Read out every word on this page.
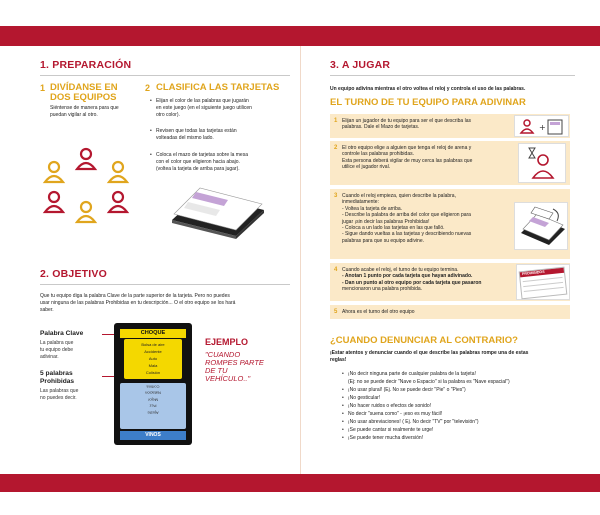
1. PREPARACIÓN
1 DIVÍDANSE EN
DOS EQUIPOS
Siéntense de manera para que
puedan vigilar al otro.
2 CLASIFICA LAS TARJETAS
• Elijan el color de las palabras que jugarán
en este juego (en el siguiente juego utilicen
otro color).
• Revisen que todas las tarjetas están
volteadas del mismo lado.
• Coloca el mazo de tarjetas sobre la mesa
con el color que eligieron hacia abajo.
(voltea la tarjeta de arriba para jugar).
2. OBJETIVO
Que tu equipo diga la palabra Clave de la parte superior de la tarjeta. Pero no puedes
usar ninguna de las palabras Prohibidas en tu descripción... O el otro equipo se los hará
saber.
Palabra Clave
La palabra que
tu equipo debe
adivinar.
5 palabras
Prohibidas
Las palabras que
no puedes decir.
CHOQUE
Bolsa de aire
Accidente
Auto
Mala
Colisión
Ajuste
Pez
Mejor
Natación
Cortina
VINOS
EJEMPLO
"CUANDO
ROMPES PARTE
DE TU
VEHÍCULO.."
3. A JUGAR
Un equipo adivina mientras el otro voltea el reloj y controla el uso de las palabras.
EL TURNO DE TU EQUIPO PARA ADIVINAR
1 Elijan un jugador de tu equipo para ser el que describa las
palabras. Dale el Mazo de tarjetas.	+
2 El otro equipo elige a alguien que tenga el reloj de arena y
controle las palabras prohibidas.
Esta persona deberá vigilar de muy cerca las palabras que
utilice el jugador rival.
3 Cuando el reloj empieza, quien describe la palabra,
inmediatamente:
- Voltea la tarjeta de arriba.
- Describe la palabra de arriba del color que eligieron para
jugar ¡sin decir las palabras Prohibidas!
- Coloca a un lado las tarjetas en las que falló.
- Sigue dando vueltas a las tarjetas y describiendo nuevas
palabras para que su equipo adivine.
4 Cuando acabe el reloj, el turno de tu equipo termina.
- Anotan 1 punto por cada tarjeta que hayan adivinado.
- Dan un punto al otro equipo por cada tarjeta que pasaron
mencionaron una palabra prohibida.
PROHIBIDOS
5 Ahora es el turno del otro equipo
¿CUANDO DENUNCIAR AL CONTRARIO?
¡Estar atentos y denunciar cuando el que describe las palabras rompe una de estas
reglas!
• ¡No decir ninguna parte de cualquier palabra de la tarjeta!
(Ej: no se puede decir "Nave o Espacio" si la palabra es "Nave espacial")
• ¡No usar plural! (Ej. No se puede decir "Pie" o "Pies")
• ¡No gesticular!
• ¡No hacer ruidos o efectos de sonido!
• No decir "suena como" - ¡eso es muy fácil!
• ¡No usar abreviaciones! ( Ej. No decir "TV" por "televisión")
• ¡Se puede cantar si realmente te urge!
• ¡Se puede tener mucha diversión!
